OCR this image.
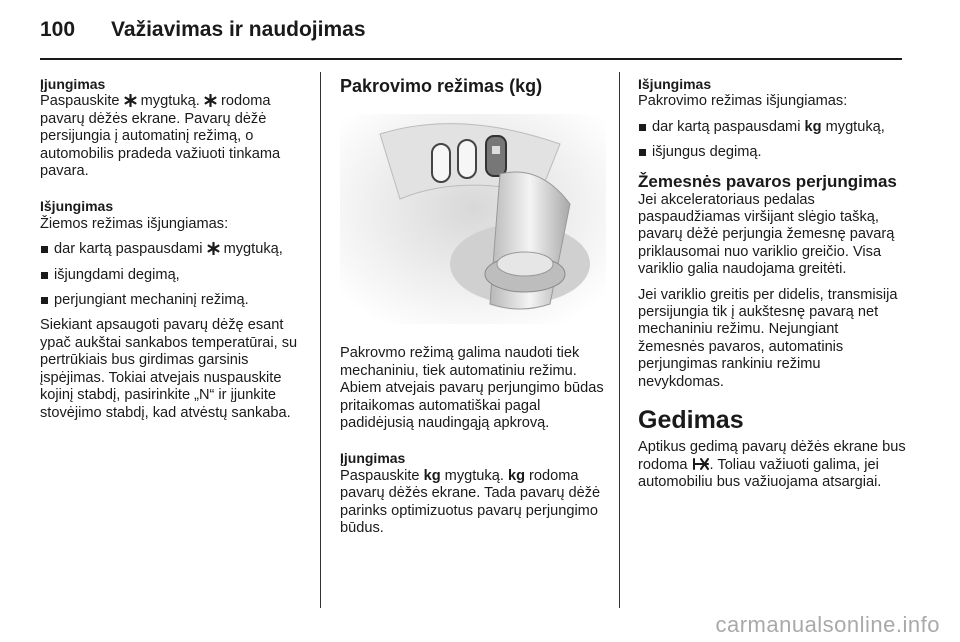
100 Važiavimas ir naudojimas
Įjungimas

Paspauskite mygtuką. rodoma pavarų dėžės ekrane. Pavarų dėžė persijungia į automatinį režimą, o automobilis pradeda važiuoti tinkama pavara.

Išjungimas

Žiemos režimas išjungiamas:

dar kartą paspausdami mygtuką,
išjungdami degimą,
perjungiant mechaninį režimą.

Siekiant apsaugoti pavarų dėžę esant ypač aukštai sankabos temperatūrai, su pertrūkiais bus girdimas garsinis įspėjimas. Tokiai atvejais nuspauskite kojinį stabdį, pasirinkite „N“ ir įjunkite stovėjimo stabdį, kad atvėstų sankaba.

Pakrovimo režimas (kg)

Pakrovmo režimą galima naudoti tiek mechaniniu, tiek automatiniu režimu. Abiem atvejais pavarų perjungimo būdas pritaikomas automatiškai pagal padidėjusią naudingąją apkrovą.

Įjungimas

Paspauskite kg mygtuką. kg rodoma pavarų dėžės ekrane. Tada pavarų dėžė parinks optimizuotus pavarų perjungimo būdus.

Išjungimas

Pakrovimo režimas išjungiamas:

dar kartą paspausdami kg mygtuką,
išjungus degimą.
Žemesnės pavaros perjungimas

Jei akceleratoriaus pedalas paspaudžiamas viršijant slėgio tašką, pavarų dėžė perjungia žemesnę pavarą priklausomai nuo variklio greičio. Visa variklio galia naudojama greitėti.

Jei variklio greitis per didelis, transmisija persijungia tik į aukštesnę pavarą net mechaniniu režimu. Nejungiant žemesnės pavaros, automatinis perjungimas rankiniu režimu nevykdomas.

Gedimas

Aptikus gedimą pavarų dėžės ekrane bus rodoma . Toliau važiuoti galima, jei automobiliu bus važiuojama atsargiai.

carmanualsonline.info
